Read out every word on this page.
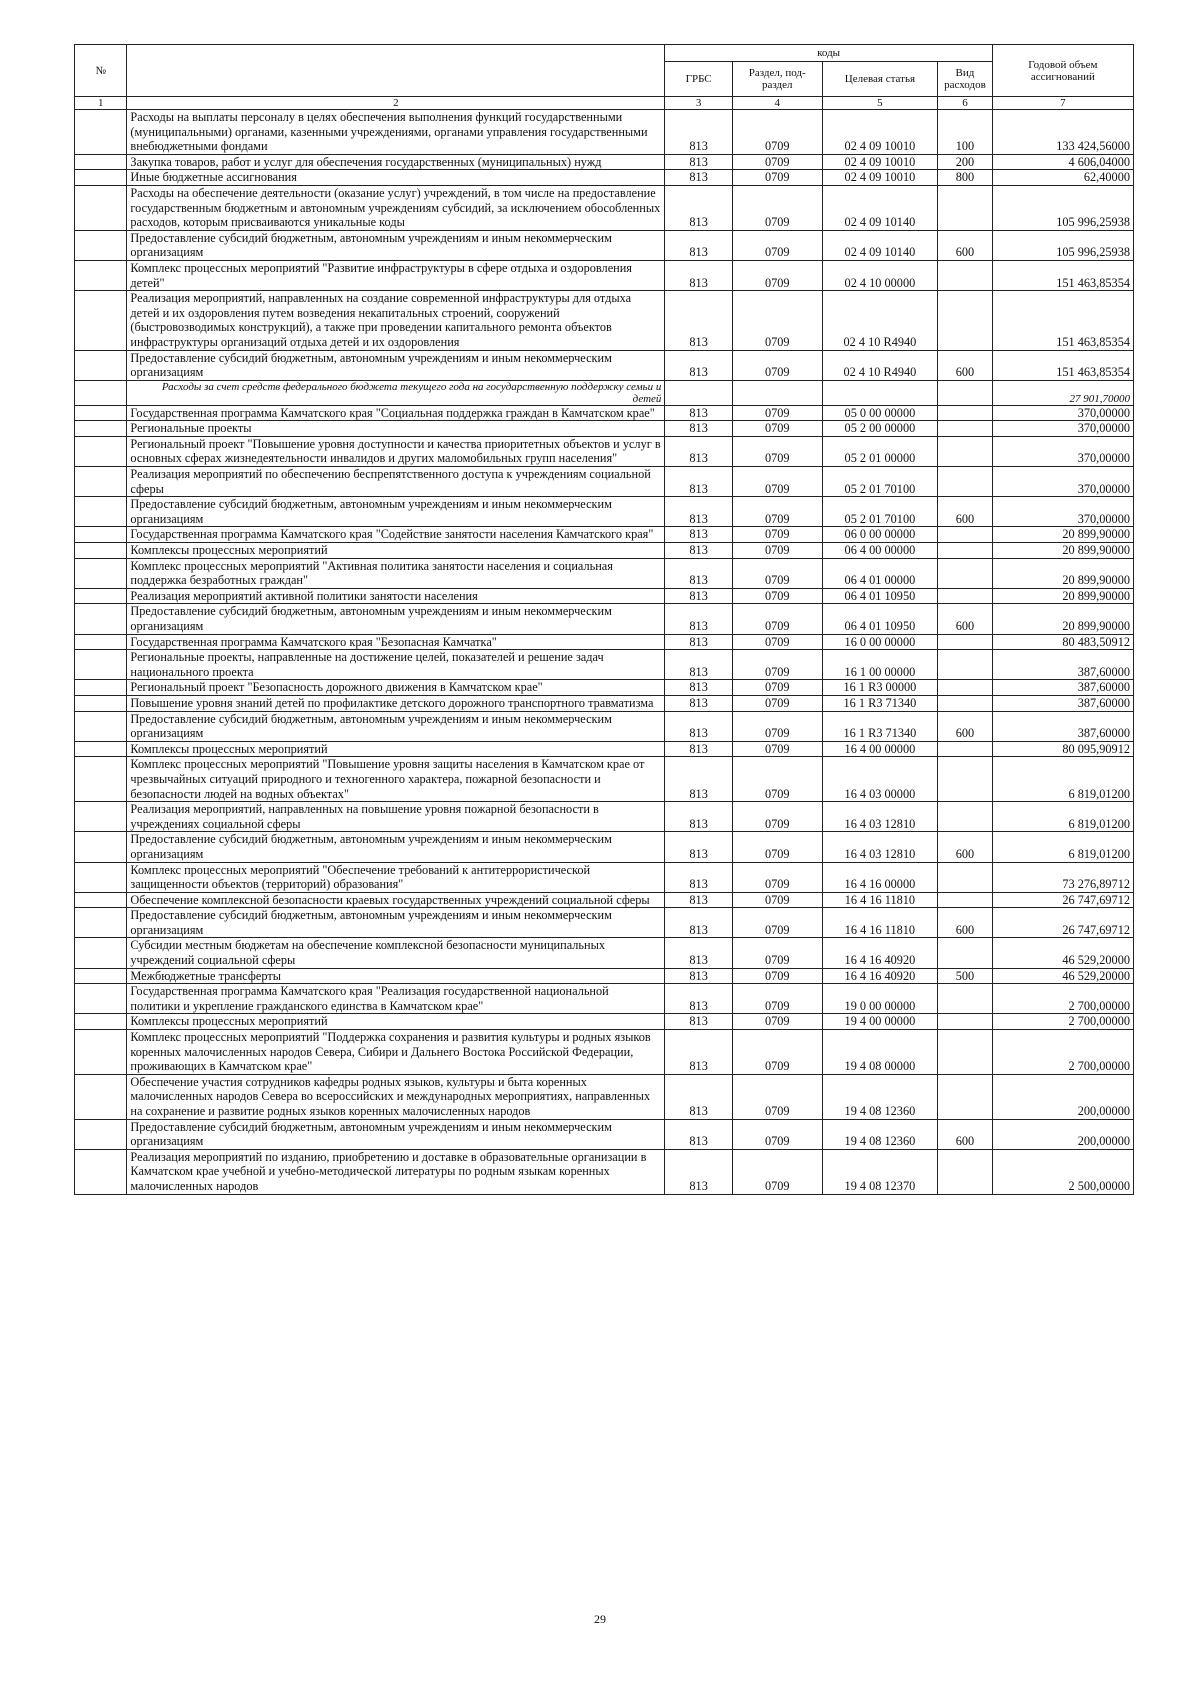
№		коды				Годовой объем ассигнований
		ГРБС	Раздел, под-раздел	Целевая статья	Вид расходов	
1	2	3	4	5	6	7
	Расходы на выплаты персоналу в целях обеспечения выполнения функций государственными (муниципальными) органами, казенными учреждениями, органами управления государственными внебюджетными фондами	813	0709	02 4 09 10010	100	133 424,56000
	Закупка товаров, работ и услуг для обеспечения государственных (муниципальных) нужд	813	0709	02 4 09 10010	200	4 606,04000
	Иные бюджетные ассигнования	813	0709	02 4 09 10010	800	62,40000
	Расходы на обеспечение деятельности (оказание услуг) учреждений, в том числе на предоставление государственным бюджетным и автономным учреждениям субсидий, за исключением обособленных расходов, которым присваиваются уникальные коды	813	0709	02 4 09 10140		105 996,25938
	Предоставление субсидий бюджетным, автономным учреждениям и иным некоммерческим организациям	813	0709	02 4 09 10140	600	105 996,25938
	Комплекс процессных мероприятий "Развитие инфраструктуры в сфере отдыха и оздоровления детей"	813	0709	02 4 10 00000		151 463,85354
	Реализация мероприятий, направленных на создание современной инфраструктуры для отдыха детей и их оздоровления путем возведения некапитальных строений, сооружений (быстровозводимых конструкций), а также при проведении капитального ремонта объектов инфраструктуры организаций отдыха детей и их оздоровления	813	0709	02 4 10 R4940		151 463,85354
	Предоставление субсидий бюджетным, автономным учреждениям и иным некоммерческим организациям	813	0709	02 4 10 R4940	600	151 463,85354
	Расходы за счет средств федерального бюджета текущего года на государственную поддержку семьи и детей					27 901,70000
	Государственная программа Камчатского края "Социальная поддержка граждан в Камчатском крае"	813	0709	05 0 00 00000		370,00000
	Региональные проекты	813	0709	05 2 00 00000		370,00000
	Региональный проект "Повышение уровня доступности и качества приоритетных объектов и услуг в основных сферах жизнедеятельности инвалидов и других маломобильных групп населения"	813	0709	05 2 01 00000		370,00000
	Реализация мероприятий по обеспечению беспрепятственного доступа к учреждениям социальной сферы	813	0709	05 2 01 70100		370,00000
	Предоставление субсидий бюджетным, автономным учреждениям и иным некоммерческим организациям	813	0709	05 2 01 70100	600	370,00000
	Государственная программа Камчатского края "Содействие занятости населения Камчатского края"	813	0709	06 0 00 00000		20 899,90000
	Комплексы процессных мероприятий	813	0709	06 4 00 00000		20 899,90000
	Комплекс процессных мероприятий "Активная политика занятости населения и социальная поддержка безработных граждан"	813	0709	06 4 01 00000		20 899,90000
	Реализация мероприятий активной политики занятости населения	813	0709	06 4 01 10950		20 899,90000
	Предоставление субсидий бюджетным, автономным учреждениям и иным некоммерческим организациям	813	0709	06 4 01 10950	600	20 899,90000
	Государственная программа Камчатского края "Безопасная Камчатка"	813	0709	16 0 00 00000		80 483,50912
	Региональные проекты, направленные на достижение целей, показателей и решение задач национального проекта	813	0709	16 1 00 00000		387,60000
	Региональный проект "Безопасность дорожного движения в Камчатском крае"	813	0709	16 1 R3 00000		387,60000
	Повышение уровня знаний детей по профилактике детского дорожного транспортного травматизма	813	0709	16 1 R3 71340		387,60000
	Предоставление субсидий бюджетным, автономным учреждениям и иным некоммерческим организациям	813	0709	16 1 R3 71340	600	387,60000
	Комплексы процессных мероприятий	813	0709	16 4 00 00000		80 095,90912
	Комплекс процессных мероприятий "Повышение уровня защиты населения в Камчатском крае от чрезвычайных ситуаций природного и техногенного характера, пожарной безопасности и безопасности людей на водных объектах"	813	0709	16 4 03 00000		6 819,01200
	Реализация мероприятий, направленных на повышение уровня пожарной безопасности в учреждениях социальной сферы	813	0709	16 4 03 12810		6 819,01200
	Предоставление субсидий бюджетным, автономным учреждениям и иным некоммерческим организациям	813	0709	16 4 03 12810	600	6 819,01200
	Комплекс процессных мероприятий "Обеспечение требований к антитеррористической защищенности объектов (территорий) образования"	813	0709	16 4 16 00000		73 276,89712
	Обеспечение комплексной безопасности краевых государственных учреждений социальной сферы	813	0709	16 4 16 11810		26 747,69712
	Предоставление субсидий бюджетным, автономным учреждениям и иным некоммерческим организациям	813	0709	16 4 16 11810	600	26 747,69712
	Субсидии местным бюджетам на обеспечение комплексной безопасности муниципальных учреждений социальной сферы	813	0709	16 4 16 40920		46 529,20000
	Межбюджетные трансферты	813	0709	16 4 16 40920	500	46 529,20000
	Государственная программа Камчатского края "Реализация государственной национальной политики и укрепление гражданского единства в Камчатском крае"	813	0709	19 0 00 00000		2 700,00000
	Комплексы процессных мероприятий	813	0709	19 4 00 00000		2 700,00000
	Комплекс процессных мероприятий "Поддержка сохранения и развития культуры и родных языков коренных малочисленных народов Севера, Сибири и Дальнего Востока Российской Федерации, проживающих в Камчатском крае"	813	0709	19 4 08 00000		2 700,00000
	Обеспечение участия сотрудников кафедры родных языков, культуры и быта коренных малочисленных народов Севера во всероссийских и международных мероприятиях, направленных на сохранение и развитие родных языков коренных малочисленных народов	813	0709	19 4 08 12360		200,00000
	Предоставление субсидий бюджетным, автономным учреждениям и иным некоммерческим организациям	813	0709	19 4 08 12360	600	200,00000
	Реализация мероприятий по изданию, приобретению и доставке в образовательные организации в Камчатском крае учебной и учебно-методической литературы по родным языкам коренных малочисленных народов	813	0709	19 4 08 12370		2 500,00000
29
